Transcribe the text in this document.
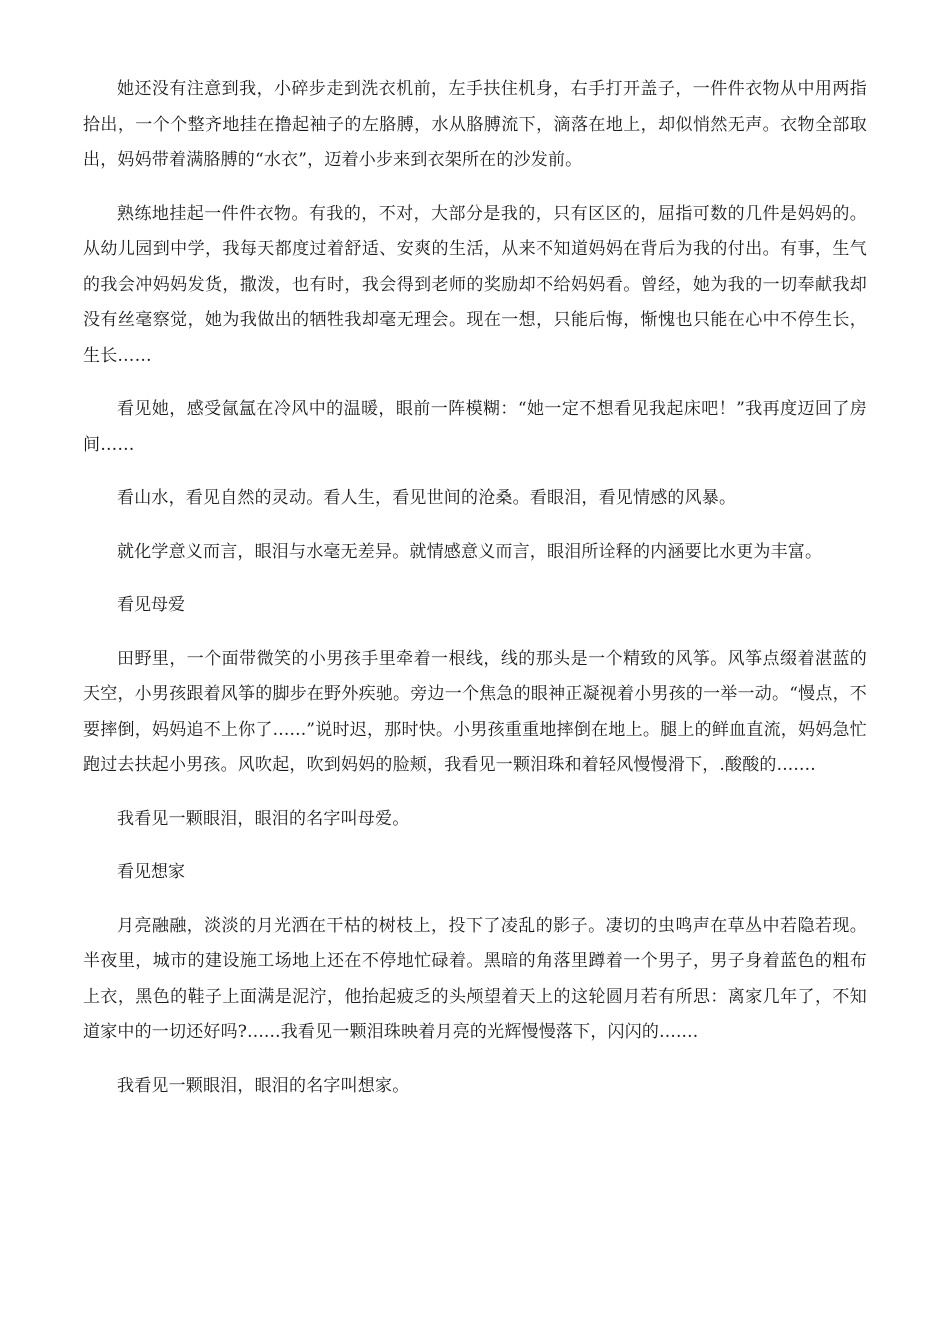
她还没有注意到我，小碎步走到洗衣机前，左手扶住机身，右手打开盖子，一件件衣物从中用两指拾出，一个个整齐地挂在撸起袖子的左胳膊，水从胳膊流下，滴落在地上，却似悄然无声。衣物全部取出，妈妈带着满胳膊的“水衣”，迈着小步来到衣架所在的沙发前。

熟练地挂起一件件衣物。有我的，不对，大部分是我的，只有区区的，屈指可数的几件是妈妈的。从幼儿园到中学，我每天都度过着舒适、安爽的生活，从来不知道妈妈在背后为我的付出。有事，生气的我会冲妈妈发货，撒泼，也有时，我会得到老师的奖励却不给妈妈看。曾经，她为我的一切奉献我却没有丝毫察觉，她为我做出的牺牲我却毫无理会。现在一想，只能后悔，惭愧也只能在心中不停生长，生长……

看见她，感受氤氲在冷风中的温暖，眼前一阵模糊：“她一定不想看见我起床吧！”我再度迈回了房间……

看山水，看见自然的灵动。看人生，看见世间的沧桑。看眼泪，看见情感的风暴。

就化学意义而言，眼泪与水毫无差异。就情感意义而言，眼泪所诠释的内涵要比水更为丰富。

看见母爱

田野里，一个面带微笑的小男孩手里牵着一根线，线的那头是一个精致的风筝。风筝点缀着湛蓝的天空，小男孩跟着风筝的脚步在野外疾驰。旁边一个焦急的眼神正凝视着小男孩的一举一动。“慢点，不要摔倒，妈妈追不上你了......”说时迟，那时快。小男孩重重地摔倒在地上。腿上的鲜血直流，妈妈急忙跑过去扶起小男孩。风吹起，吹到妈妈的脸颊，我看见一颗泪珠和着轻风慢慢滑下，.酸酸的.......

我看见一颗眼泪，眼泪的名字叫母爱。

看见想家

月亮融融，淡淡的月光洒在干枯的树枝上，投下了凌乱的影子。凄切的虫鸣声在草丛中若隐若现。半夜里，城市的建设施工场地上还在不停地忙碌着。黑暗的角落里蹲着一个男子，男子身着蓝色的粗布上衣，黑色的鞋子上面满是泥泞，他抬起疲乏的头颅望着天上的这轮圆月若有所思：离家几年了，不知道家中的一切还好吗?......我看见一颗泪珠映着月亮的光辉慢慢落下，闪闪的.......

我看见一颗眼泪，眼泪的名字叫想家。
